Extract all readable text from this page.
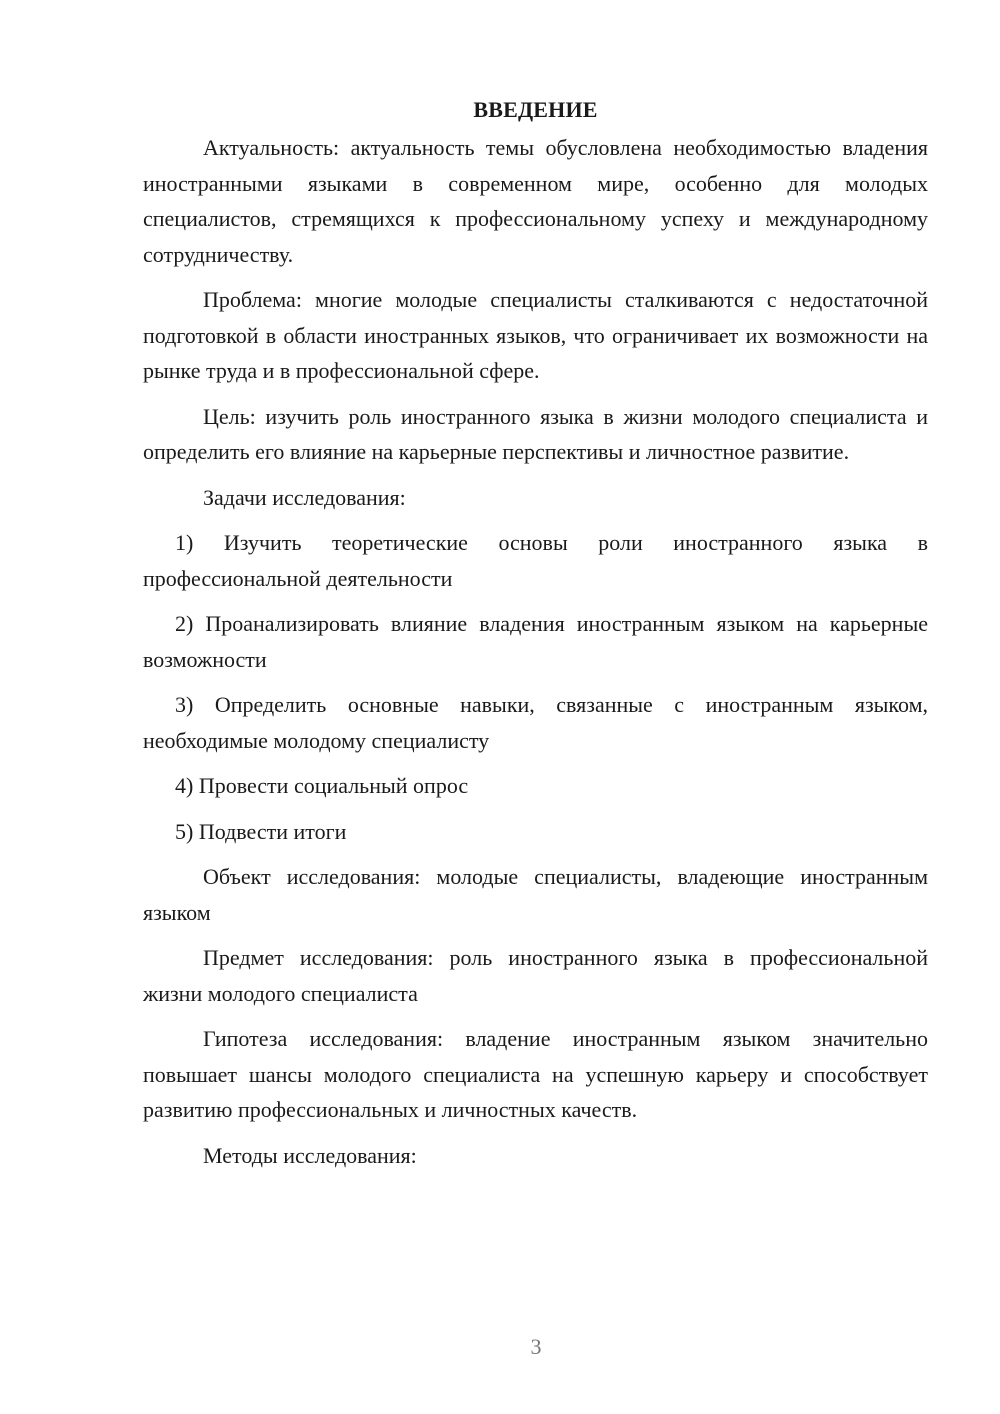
ВВЕДЕНИЕ

Актуальность: актуальность темы обусловлена необходимостью владения иностранными языками в современном мире, особенно для молодых специалистов, стремящихся к профессиональному успеху и международному сотрудничеству.

Проблема: многие молодые специалисты сталкиваются с недостаточной подготовкой в области иностранных языков, что ограничивает их возможности на рынке труда и в профессиональной сфере.

Цель: изучить роль иностранного языка в жизни молодого специалиста и определить его влияние на карьерные перспективы и личностное развитие.

Задачи исследования:

1) Изучить теоретические основы роли иностранного языка в профессиональной деятельности

2) Проанализировать влияние владения иностранным языком на карьерные возможности

3) Определить основные навыки, связанные с иностранным языком, необходимые молодому специалисту

4) Провести социальный опрос

5) Подвести итоги

Объект исследования: молодые специалисты, владеющие иностранным языком

Предмет исследования: роль иностранного языка в профессиональной жизни молодого специалиста

Гипотеза исследования: владение иностранным языком значительно повышает шансы молодого специалиста на успешную карьеру и способствует развитию профессиональных и личностных качеств.

Методы исследования:

3
